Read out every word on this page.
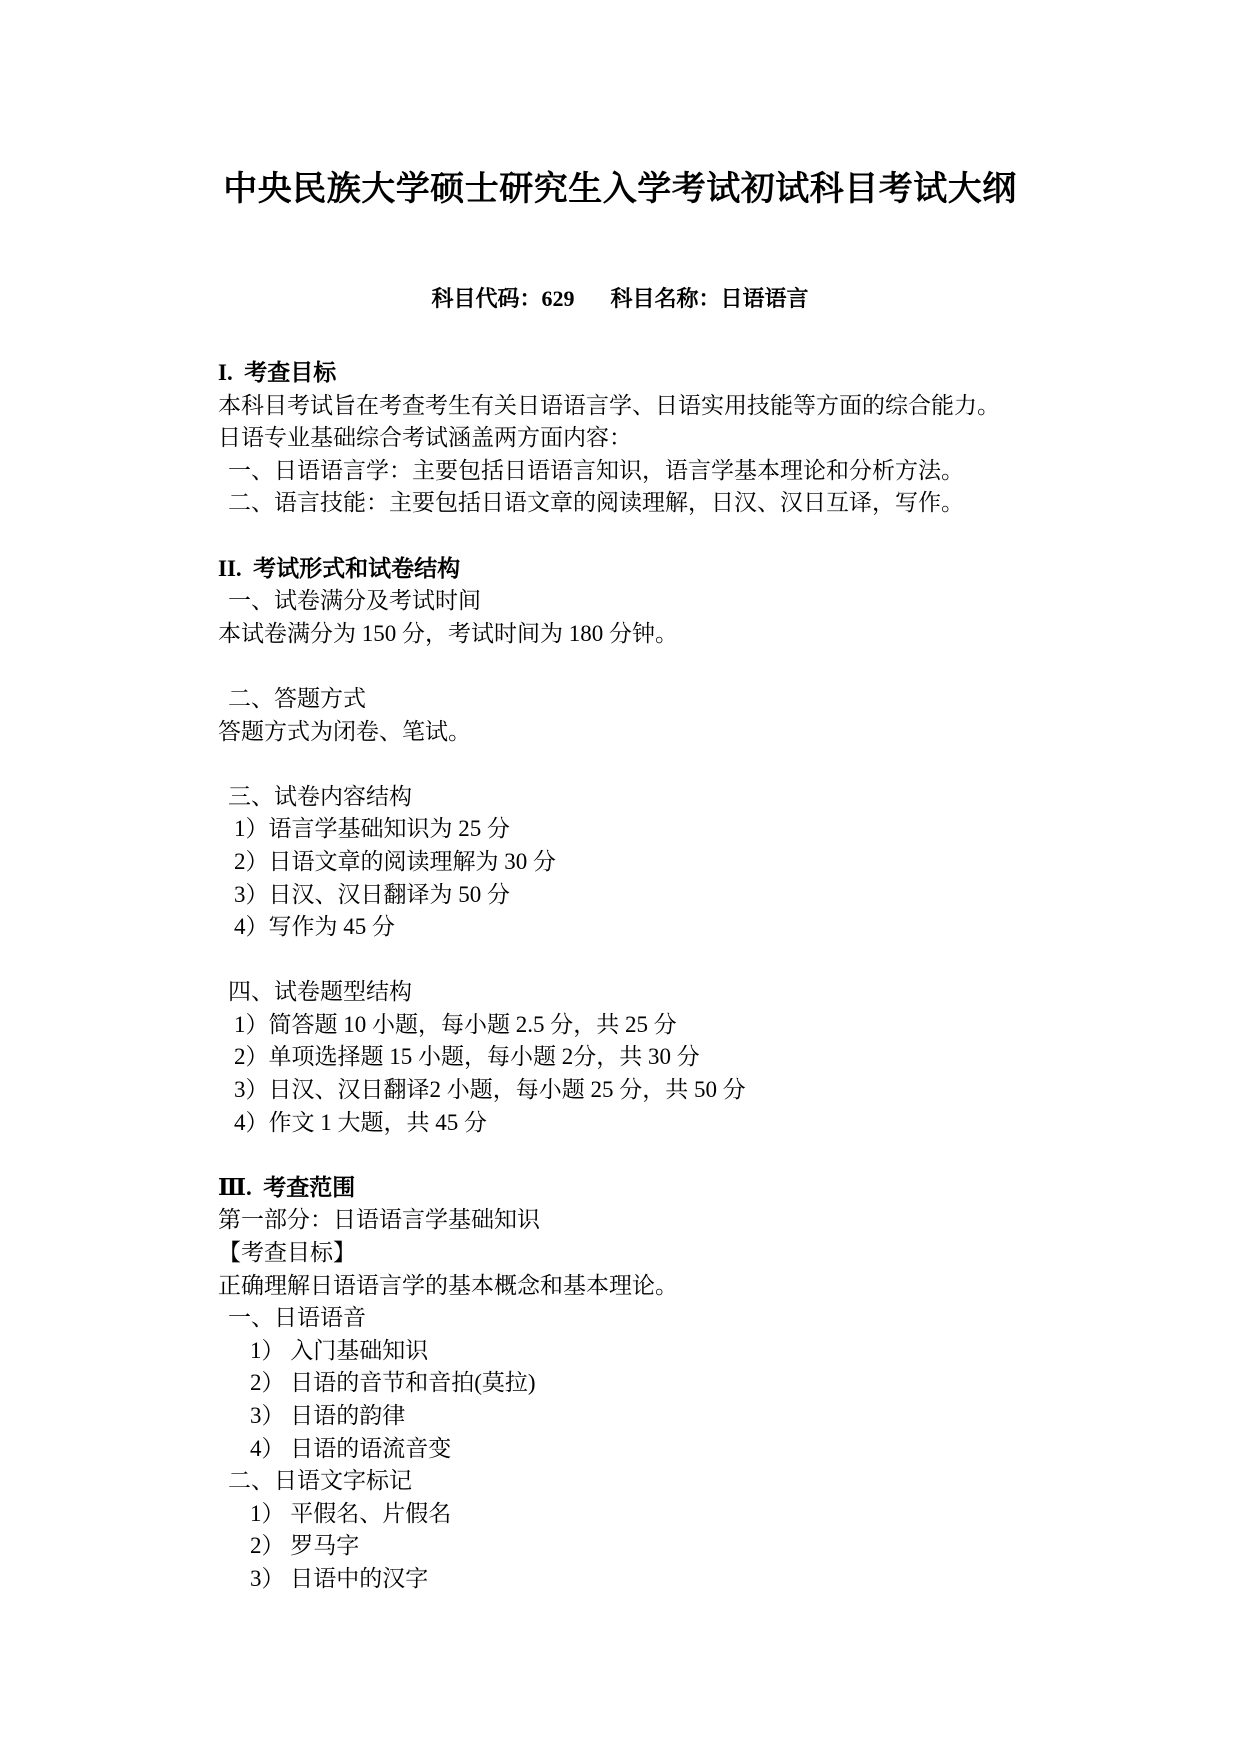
中央民族大学硕士研究生入学考试初试科目考试大纲
科目代码：629 科目名称：日语语言
I.  考查目标
本科目考试旨在考查考生有关日语语言学、日语实用技能等方面的综合能力。
日语专业基础综合考试涵盖两方面内容：
一、日语语言学：主要包括日语语言知识，语言学基本理论和分析方法。
二、语言技能：主要包括日语文章的阅读理解，日汉、汉日互译，写作。
II.  考试形式和试卷结构
一、试卷满分及考试时间
本试卷满分为 150 分，考试时间为 180 分钟。
二、答题方式
答题方式为闭卷、笔试。
三、试卷内容结构
1）语言学基础知识为 25 分
2）日语文章的阅读理解为 30 分
3）日汉、汉日翻译为 50 分
4）写作为 45 分
四、试卷题型结构
1）简答题 10 小题，每小题 2.5 分，共 25 分
2）单项选择题 15 小题，每小题 2分，共 30 分
3）日汉、汉日翻译2 小题，每小题 25 分，共 50 分
4）作文 1 大题，共 45 分
Ⅲ.  考查范围
第一部分：日语语言学基础知识
【考查目标】
正确理解日语语言学的基本概念和基本理论。
一、日语语音
1） 入门基础知识
2） 日语的音节和音拍(莫拉)
3） 日语的韵律
4） 日语的语流音变
二、日语文字标记
1） 平假名、片假名
2） 罗马字
3） 日语中的汉字
